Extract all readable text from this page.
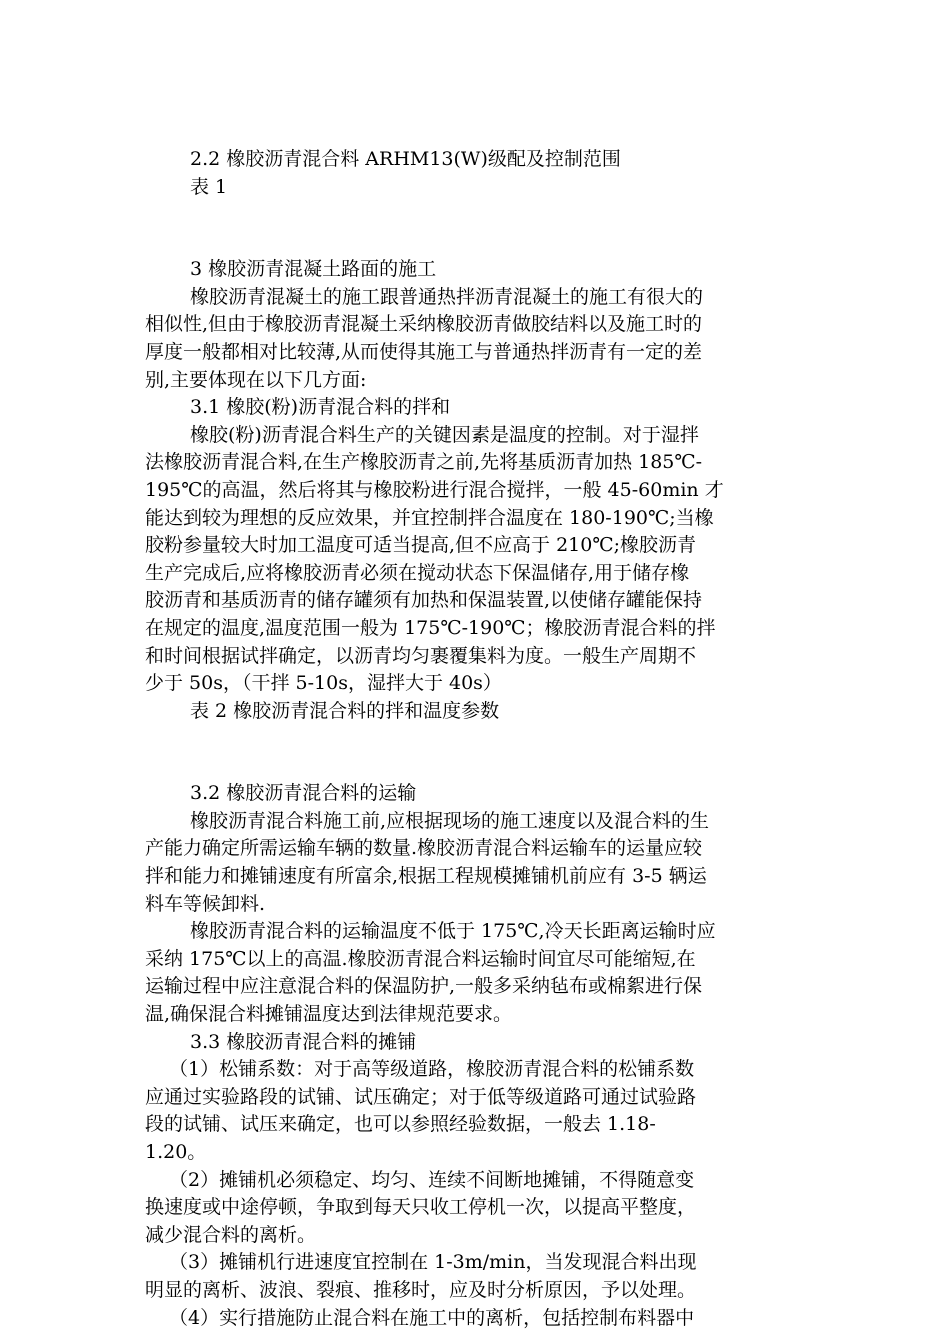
2.2 橡胶沥青混合料 ARHM13(W)级配及控制范围
表 1
3 橡胶沥青混凝土路面的施工
橡胶沥青混凝土的施工跟普通热拌沥青混凝土的施工有很大的
相似性,但由于橡胶沥青混凝土采纳橡胶沥青做胶结料以及施工时的
厚度一般都相对比较薄,从而使得其施工与普通热拌沥青有一定的差
别,主要体现在以下几方面:
3.1 橡胶(粉)沥青混合料的拌和
橡胶(粉)沥青混合料生产的关键因素是温度的控制。对于湿拌
法橡胶沥青混合料,在生产橡胶沥青之前,先将基质沥青加热 185℃-
195℃的高温，然后将其与橡胶粉进行混合搅拌，一般 45-60min 才
能达到较为理想的反应效果，并宜控制拌合温度在 180-190℃;当橡
胶粉参量较大时加工温度可适当提高,但不应高于 210℃;橡胶沥青
生产完成后,应将橡胶沥青必须在搅动状态下保温储存,用于储存橡
胶沥青和基质沥青的储存罐须有加热和保温装置,以使储存罐能保持
在规定的温度,温度范围一般为 175℃-190℃；橡胶沥青混合料的拌
和时间根据试拌确定，以沥青均匀裹覆集料为度。一般生产周期不
少于 50s，（干拌 5-10s，湿拌大于 40s）
表 2 橡胶沥青混合料的拌和温度参数
3.2 橡胶沥青混合料的运输
橡胶沥青混合料施工前,应根据现场的施工速度以及混合料的生
产能力确定所需运输车辆的数量.橡胶沥青混合料运输车的运量应较
拌和能力和摊铺速度有所富余,根据工程规模摊铺机前应有 3-5 辆运
料车等候卸料.
橡胶沥青混合料的运输温度不低于 175℃,冷天长距离运输时应
采纳 175℃以上的高温.橡胶沥青混合料运输时间宜尽可能缩短,在
运输过程中应注意混合料的保温防护,一般多采纳毡布或棉絮进行保
温,确保混合料摊铺温度达到法律规范要求。
3.3 橡胶沥青混合料的摊铺
（1）松铺系数：对于高等级道路，橡胶沥青混合料的松铺系数
应通过实验路段的试铺、试压确定；对于低等级道路可通过试验路
段的试铺、试压来确定，也可以参照经验数据，一般去 1.18-
1.20。
（2）摊铺机必须稳定、均匀、连续不间断地摊铺，不得随意变
换速度或中途停顿，争取到每天只收工停机一次，以提高平整度，
减少混合料的离析。
（3）摊铺机行进速度宜控制在 1-3m/min，当发现混合料出现
明显的离析、波浪、裂痕、推移时，应及时分析原因，予以处理。
（4）实行措施防止混合料在施工中的离析，包括控制布料器中
